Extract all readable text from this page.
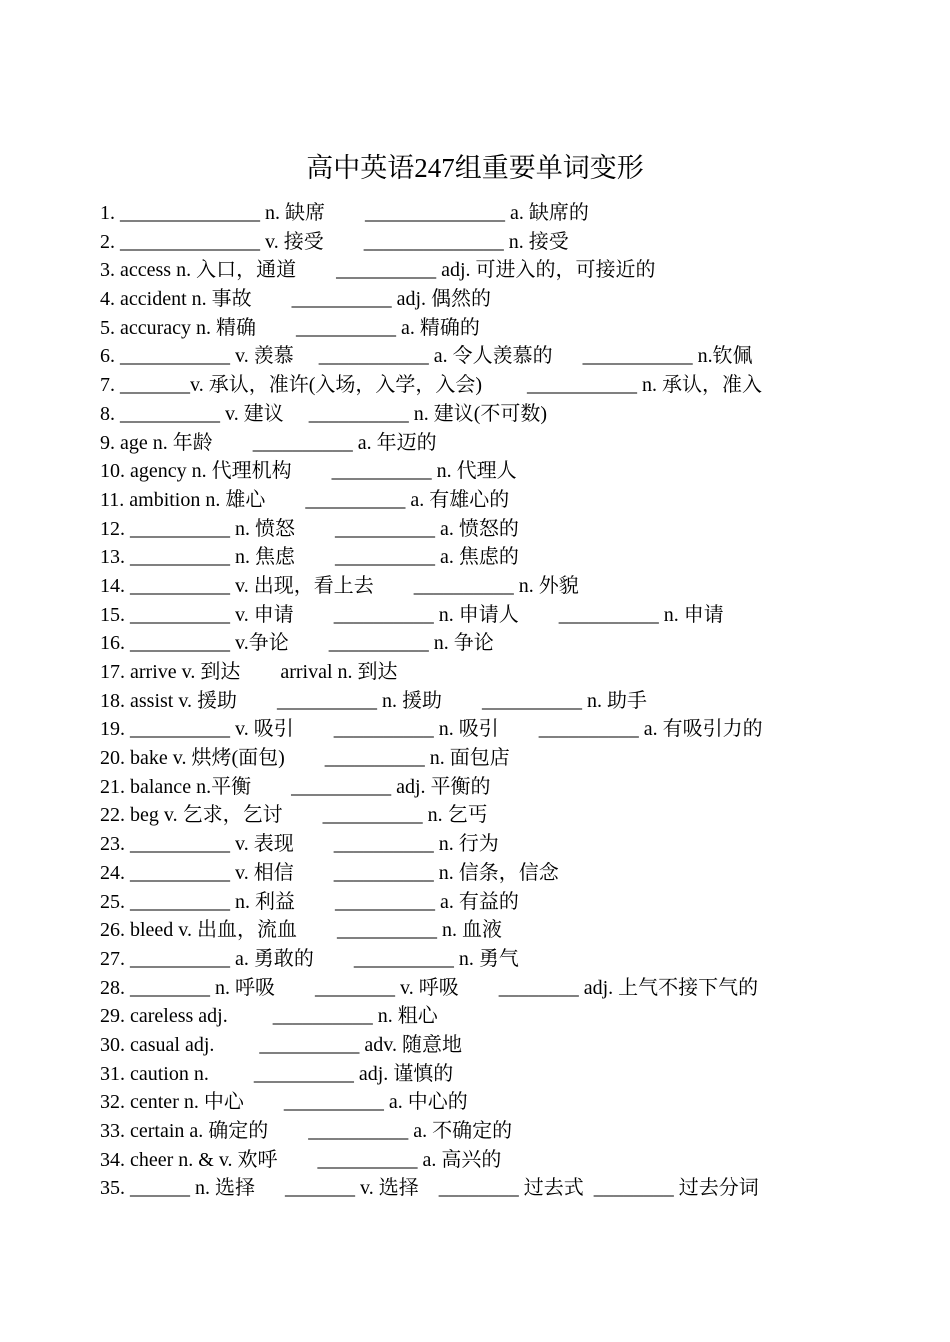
高中英语247组重要单词变形
1. ______________ n. 缺席        ______________ a. 缺席的
2. ______________ v. 接受        ______________ n. 接受
3. access n. 入口，通道        __________ adj. 可进入的，可接近的
4. accident n. 事故        __________ adj. 偶然的
5. accuracy n. 精确        __________ a. 精确的
6. ___________ v. 羡慕     ___________ a. 令人羡慕的      ___________ n.钦佩
7. _______v. 承认，准许(入场，入学，入会)         ___________ n. 承认，准入
8. __________ v. 建议     __________ n. 建议(不可数)
9. age n. 年龄        __________ a. 年迈的
10. agency n. 代理机构        __________ n. 代理人
11. ambition n. 雄心        __________ a. 有雄心的
12. __________ n. 愤怒        __________ a. 愤怒的
13. __________ n. 焦虑        __________ a. 焦虑的
14. __________ v. 出现，看上去        __________ n. 外貌
15. __________ v. 申请        __________ n. 申请人        __________ n. 申请
16. __________ v.争论        __________ n. 争论
17. arrive v. 到达        arrival n. 到达
18. assist v. 援助        __________ n. 援助        __________ n. 助手
19. __________ v. 吸引        __________ n. 吸引        __________ a. 有吸引力的
20. bake v. 烘烤(面包)        __________ n. 面包店
21. balance n.平衡        __________ adj. 平衡的
22. beg v. 乞求，乞讨        __________ n. 乞丐
23. __________ v. 表现        __________ n. 行为
24. __________ v. 相信        __________ n. 信条，信念
25. __________ n. 利益        __________ a. 有益的
26. bleed v. 出血，流血        __________ n. 血液
27. __________ a. 勇敢的        __________ n. 勇气
28. ________ n. 呼吸        ________ v. 呼吸        ________ adj. 上气不接下气的
29. careless adj.         __________ n. 粗心
30. casual adj.         __________ adv. 随意地
31. caution n.         __________ adj. 谨慎的
32. center n. 中心        __________ a. 中心的
33. certain a. 确定的        __________ a. 不确定的
34. cheer n. & v. 欢呼        __________ a. 高兴的
35. ______ n. 选择      _______ v. 选择    ________ 过去式  ________ 过去分词
